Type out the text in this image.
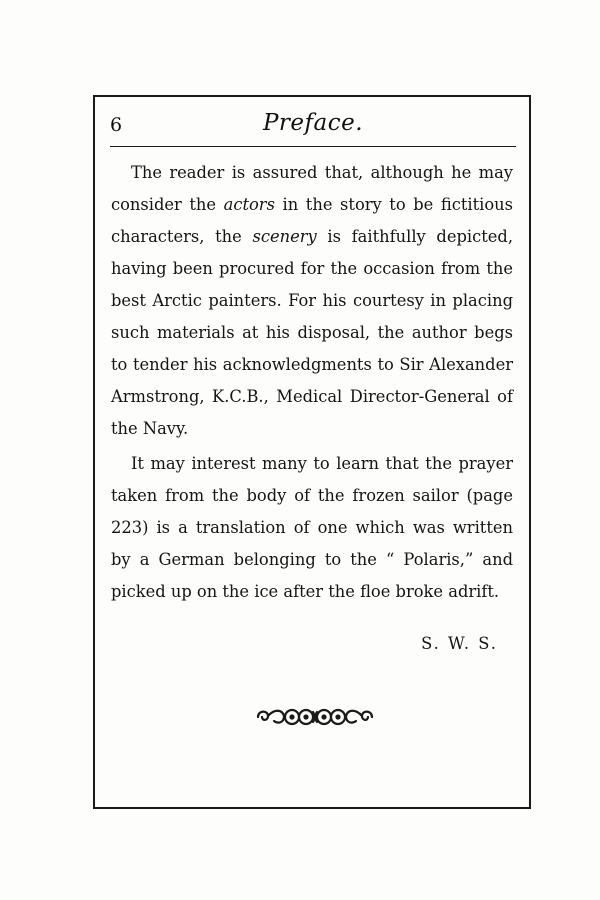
6	Preface.

The reader is assured that, although he may consider the actors in the story to be fictitious characters, the scenery is faithfully depicted, having been procured for the occasion from the best Arctic painters. For his courtesy in placing such materials at his disposal, the author begs to tender his acknowledgments to Sir Alexander Armstrong, K.C.B., Medical Director-General of the Navy.

It may interest many to learn that the prayer taken from the body of the frozen sailor (page 223) is a translation of one which was written by a German belonging to the “ Polaris,” and picked up on the ice after the floe broke adrift.

S. W. S.
